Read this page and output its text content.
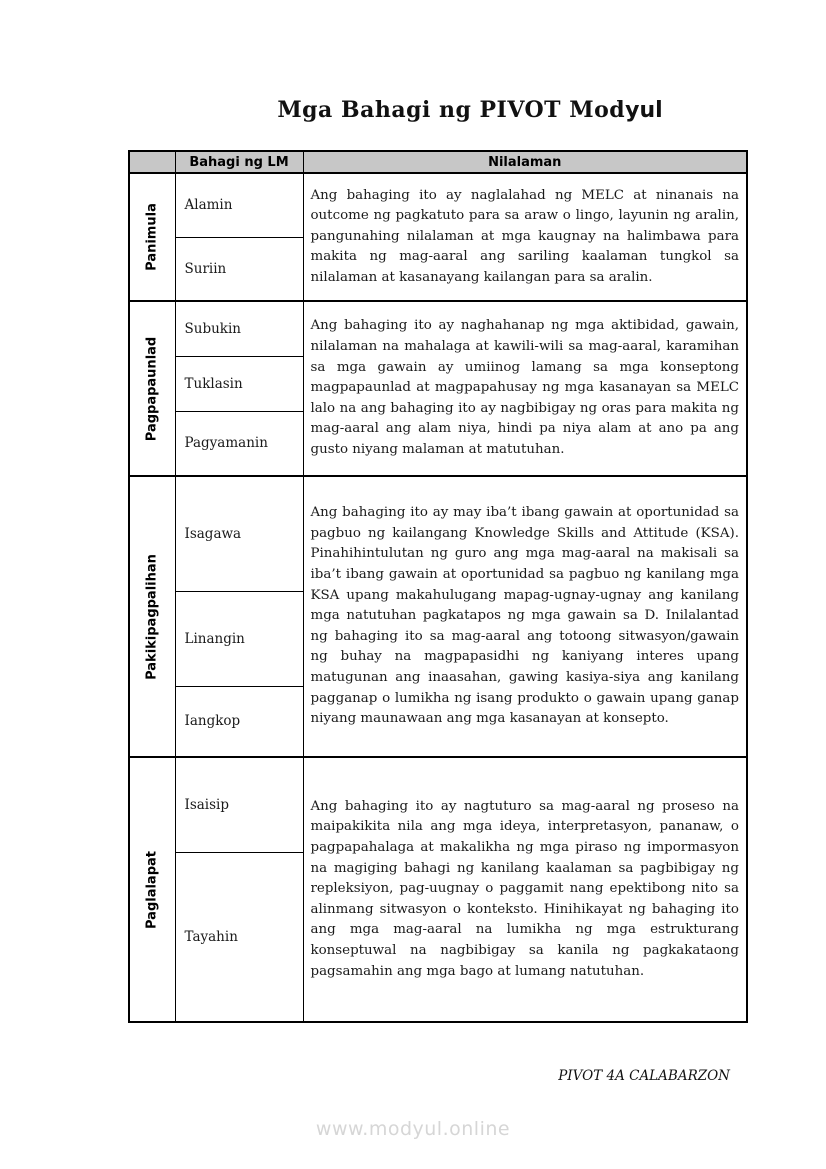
Mga Bahagi ng PIVOT Modyul
	Bahagi ng LM	Nilalaman

Panimula	Alamin	Ang bahaging ito ay naglalahad ng MELC at ninanais na outcome ng pagkatuto para sa araw o lingo, layunin ng aralin, pangunahing nilalaman at mga kaugnay na halimbawa para makita ng mag-aaral ang sariling kaalaman tungkol sa nilalaman at kasanayang kailangan para sa aralin.

	Suriin	

Pagpapaunlad	Subukin	Ang bahaging ito ay naghahanap ng mga aktibidad, gawain, nilalaman na mahalaga at kawili-wili sa mag-aaral, karamihan sa mga gawain ay umiinog lamang sa mga konseptong magpapaunlad at magpapahusay ng mga kasanayan sa MELC lalo na ang bahaging ito ay nagbibigay ng oras para makita ng mag-aaral ang alam niya, hindi pa niya alam at ano pa ang gusto niyang malaman at matutuhan.

	Tuklasin	
	Pagyamanin	

Pakikipagpalihan	Isagawa	Ang bahaging ito ay may iba’t ibang gawain at oportunidad sa pagbuo ng kailangang Knowledge Skills and Attitude (KSA). Pinahihintulutan ng guro ang mga mag-aaral na makisali sa iba’t ibang gawain at oportunidad sa pagbuo ng kanilang mga KSA upang makahulugang mapag-ugnay-ugnay ang kanilang mga natutuhan pagkatapos ng mga gawain sa D. Inilalantad ng bahaging ito sa mag-aaral ang totoong sitwasyon/gawain ng buhay na magpapasidhi ng kaniyang interes upang matugunan ang inaasahan, gawing kasiya-siya ang kanilang pagganap o lumikha ng isang produkto o gawain upang ganap niyang maunawaan ang mga kasanayan at konsepto.

	Linangin	
	Iangkop	

Paglalapat	Isaisip	Ang bahaging ito ay nagtuturo sa mag-aaral ng proseso na maipakikita nila ang mga ideya, interpretasyon, pananaw, o pagpapahalaga at makalikha ng mga piraso ng impormasyon na magiging bahagi ng kanilang kaalaman sa pagbibigay ng repleksiyon, pag-uugnay o paggamit nang epektibong nito sa alinmang sitwasyon o konteksto. Hinihikayat ng bahaging ito ang mga mag-aaral na lumikha ng mga estrukturang konseptuwal na nagbibigay sa kanila ng pagkakataong pagsamahin ang mga bago at lumang natutuhan.

	Tayahin	
PIVOT 4A CALABARZON
www.modyul.online
